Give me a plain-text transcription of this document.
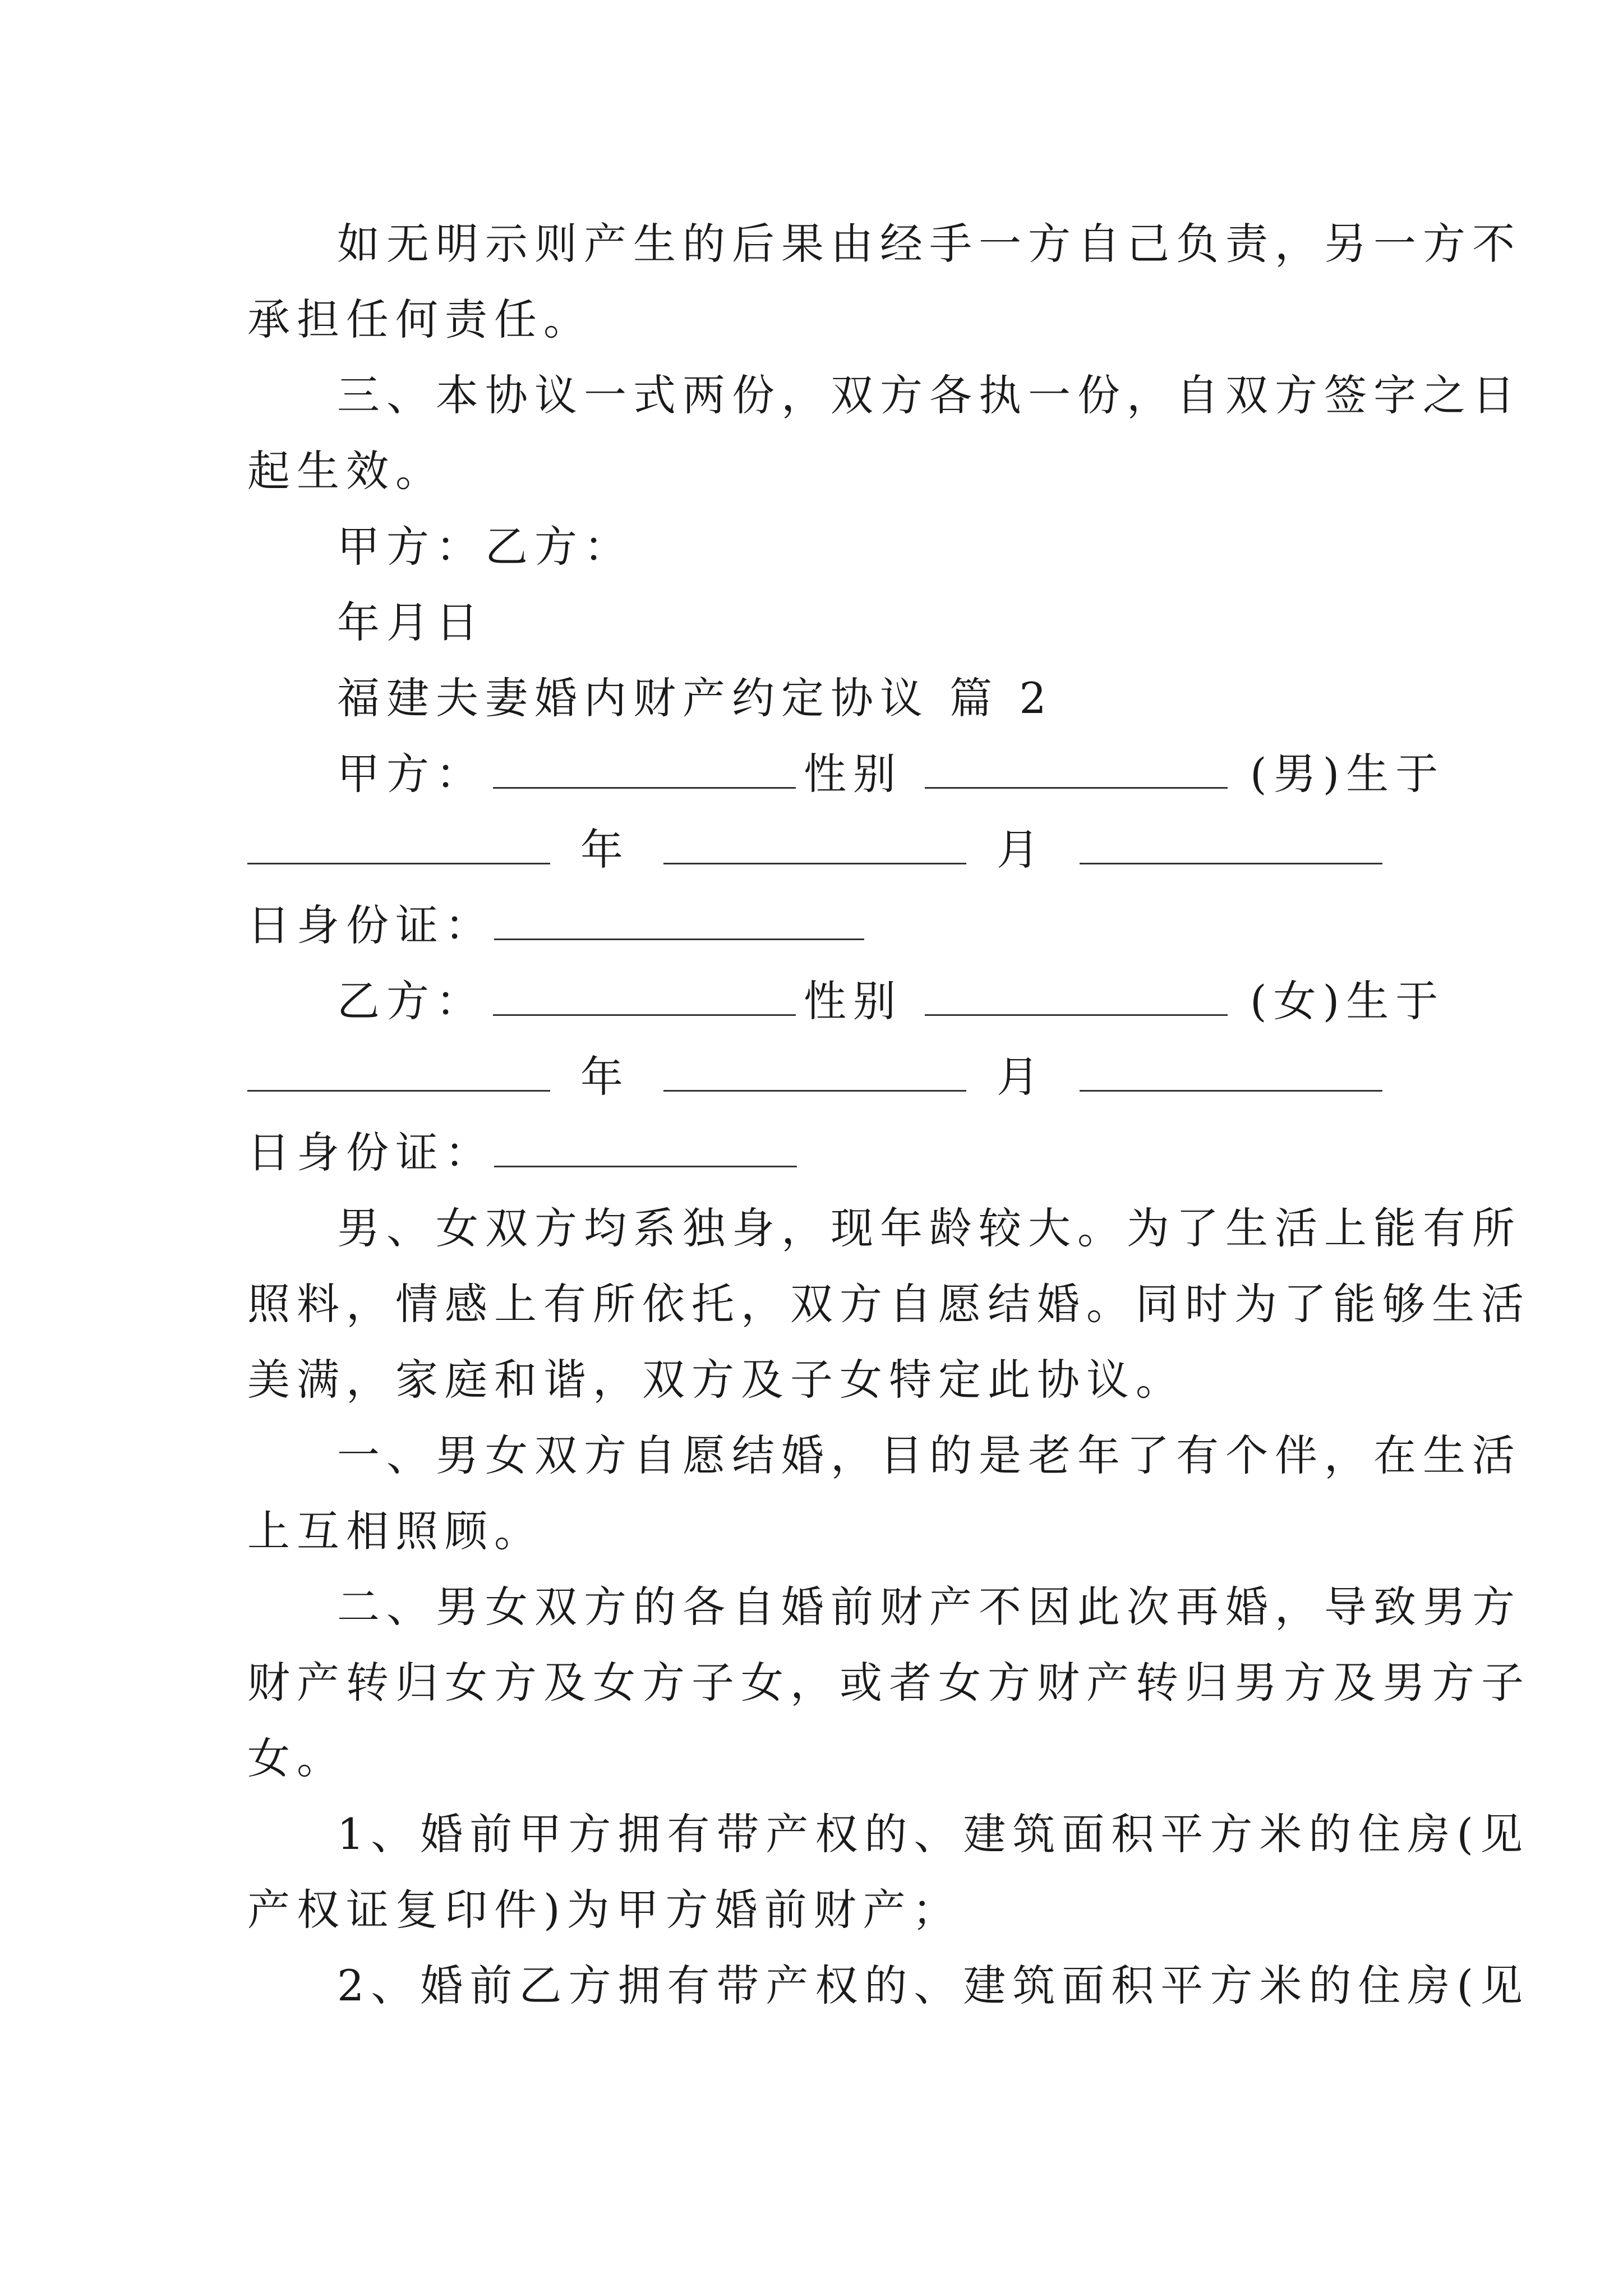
如无明示则产生的后果由经手一方自己负责，另一方不
承担任何责任。
三、本协议一式两份，双方各执一份，自双方签字之日
起生效。
甲方：乙方：
年月日
福建夫妻婚内财产约定协议 篇 2
甲方：	性别	(男)生于
年	月
日身份证：
乙方：	性别	(女)生于
年	月
日身份证：
男、女双方均系独身，现年龄较大。为了生活上能有所
照料，情感上有所依托，双方自愿结婚。同时为了能够生活
美满，家庭和谐，双方及子女特定此协议。
一、男女双方自愿结婚，目的是老年了有个伴，在生活
上互相照顾。
二、男女双方的各自婚前财产不因此次再婚，导致男方
财产转归女方及女方子女，或者女方财产转归男方及男方子
女。
1、婚前甲方拥有带产权的、建筑面积平方米的住房(见
产权证复印件)为甲方婚前财产；
2、婚前乙方拥有带产权的、建筑面积平方米的住房(见
